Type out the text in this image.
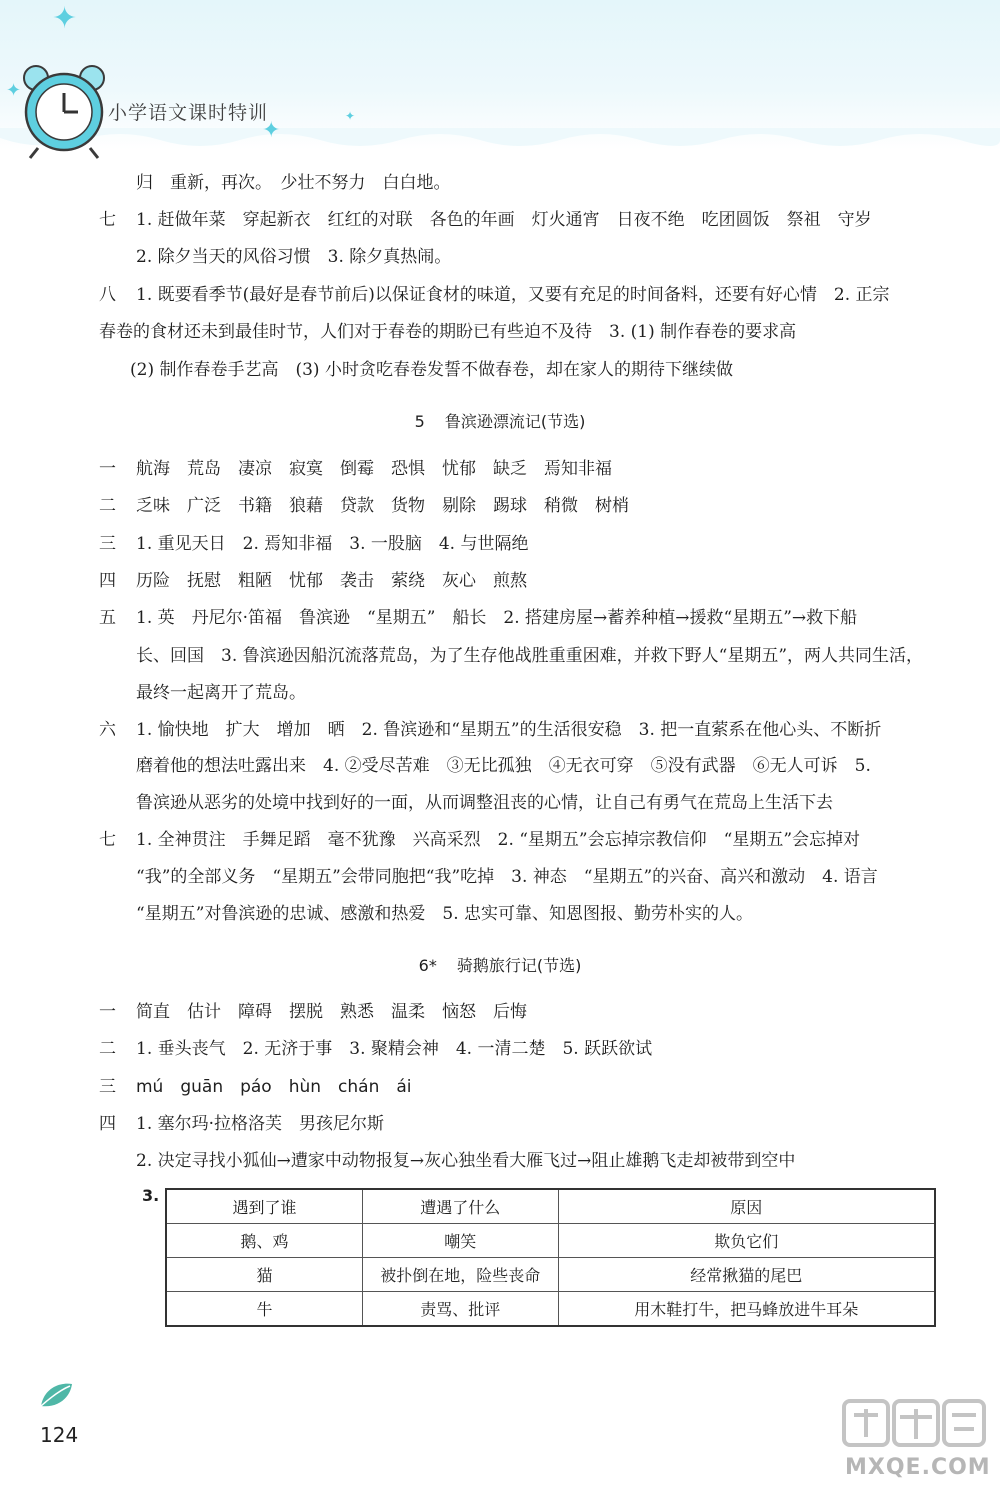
✦
✦
✦
✦
小学语文课时特训
归　重新，再次。　少壮不努力　白白地。
七	1. 赶做年菜　穿起新衣　红红的对联　各色的年画　灯火通宵　日夜不绝　吃团圆饭　祭祖　守岁
2. 除夕当天的风俗习惯　3. 除夕真热闹。
八	1. 既要看季节(最好是春节前后)以保证食材的味道，又要有充足的时间备料，还要有好心情　2. 正宗
春卷的食材还未到最佳时节，人们对于春卷的期盼已有些迫不及待　3. (1) 制作春卷的要求高
(2) 制作春卷手艺高　(3) 小时贪吃春卷发誓不做春卷，却在家人的期待下继续做
5 鲁滨逊漂流记(节选)
一	航海　荒岛　凄凉　寂寞　倒霉　恐惧　忧郁　缺乏　焉知非福
二	乏味　广泛　书籍　狼藉　贷款　货物　剔除　踢球　稍微　树梢
三	1. 重见天日　2. 焉知非福　3. 一股脑　4. 与世隔绝
四	历险　抚慰　粗陋　忧郁　袭击　萦绕　灰心　煎熬
五	1. 英　丹尼尔·笛福　鲁滨逊　“星期五”　船长　2. 搭建房屋→蓄养种植→援救“星期五”→救下船
长、回国　3. 鲁滨逊因船沉流落荒岛，为了生存他战胜重重困难，并救下野人“星期五”，两人共同生活，
最终一起离开了荒岛。
六	1. 愉快地　扩大　增加　晒　2. 鲁滨逊和“星期五”的生活很安稳　3. 把一直萦系在他心头、不断折
磨着他的想法吐露出来　4. ②受尽苦难　③无比孤独　④无衣可穿　⑤没有武器　⑥无人可诉　5.
鲁滨逊从恶劣的处境中找到好的一面，从而调整沮丧的心情，让自己有勇气在荒岛上生活下去
七	1. 全神贯注　手舞足蹈　毫不犹豫　兴高采烈　2. “星期五”会忘掉宗教信仰　“星期五”会忘掉对
“我”的全部义务　“星期五”会带同胞把“我”吃掉　3. 神态　“星期五”的兴奋、高兴和激动　4. 语言
“星期五”对鲁滨逊的忠诚、感激和热爱　5. 忠实可靠、知恩图报、勤劳朴实的人。
6* 骑鹅旅行记(节选)
一	简直　估计　障碍　摆脱　熟悉　温柔　恼怒　后悔
二	1. 垂头丧气　2. 无济于事　3. 聚精会神　4. 一清二楚　5. 跃跃欲试
三	mú　guān　páo　hùn　chán　ái
四	1. 塞尔玛·拉格洛芙　男孩尼尔斯
2. 决定寻找小狐仙→遭家中动物报复→灰心独坐看大雁飞过→阻止雄鹅飞走却被带到空中
3.
遇到了谁	遭遇了什么	原因
鹅、鸡	嘲笑	欺负它们
猫	被扑倒在地，险些丧命	经常揪猫的尾巴
牛	责骂、批评	用木鞋打牛，把马蜂放进牛耳朵
124
MXQE.COM
